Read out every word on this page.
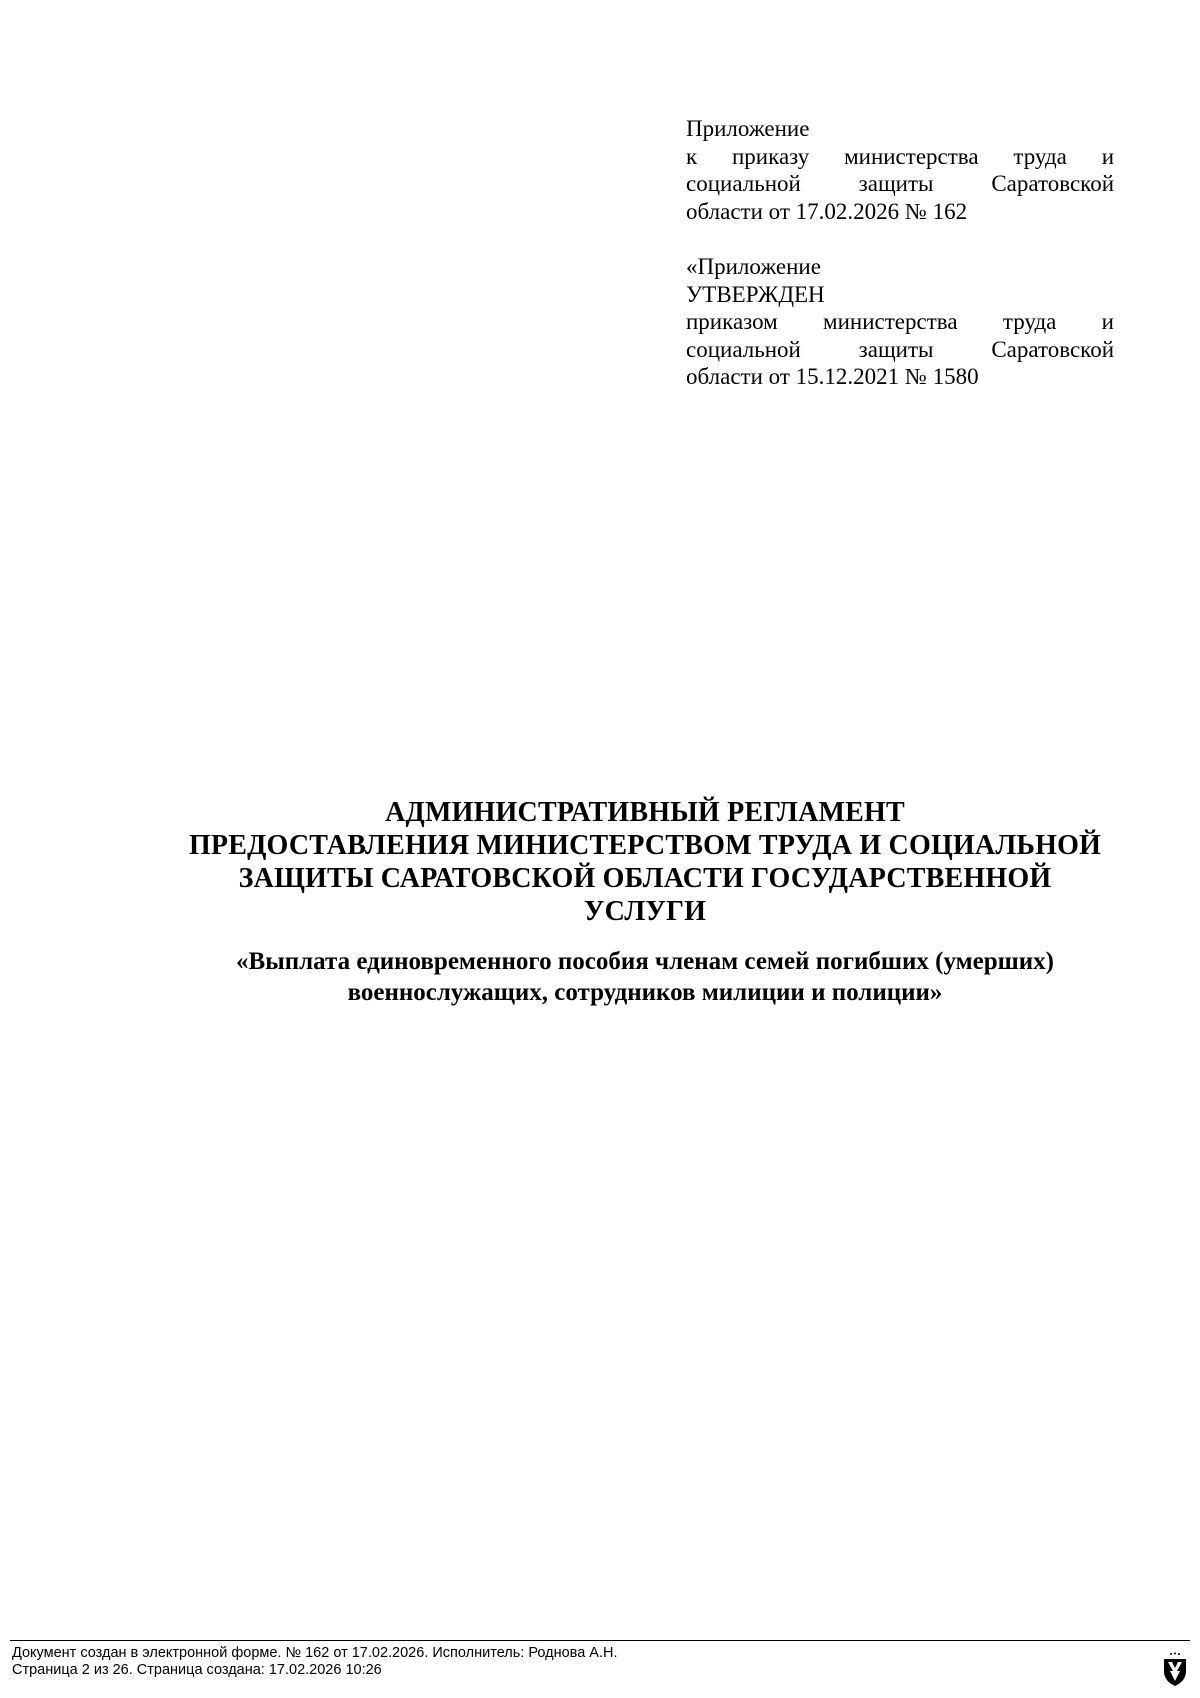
Приложение
к приказу министерства труда и
социальной защиты Саратовской
области от 17.02.2026 № 162
«Приложение
УТВЕРЖДЕН
приказом министерства труда и
социальной защиты Саратовской
области от 15.12.2021 № 1580
АДМИНИСТРАТИВНЫЙ РЕГЛАМЕНТ
ПРЕДОСТАВЛЕНИЯ МИНИСТЕРСТВОМ ТРУДА И СОЦИАЛЬНОЙ
ЗАЩИТЫ САРАТОВСКОЙ ОБЛАСТИ ГОСУДАРСТВЕННОЙ
УСЛУГИ
«Выплата единовременного пособия членам семей погибших (умерших)
военнослужащих, сотрудников милиции и полиции»
Документ создан в электронной форме. № 162 от 17.02.2026. Исполнитель: Роднова А.Н.
Страница 2 из 26. Страница создана: 17.02.2026 10:26
